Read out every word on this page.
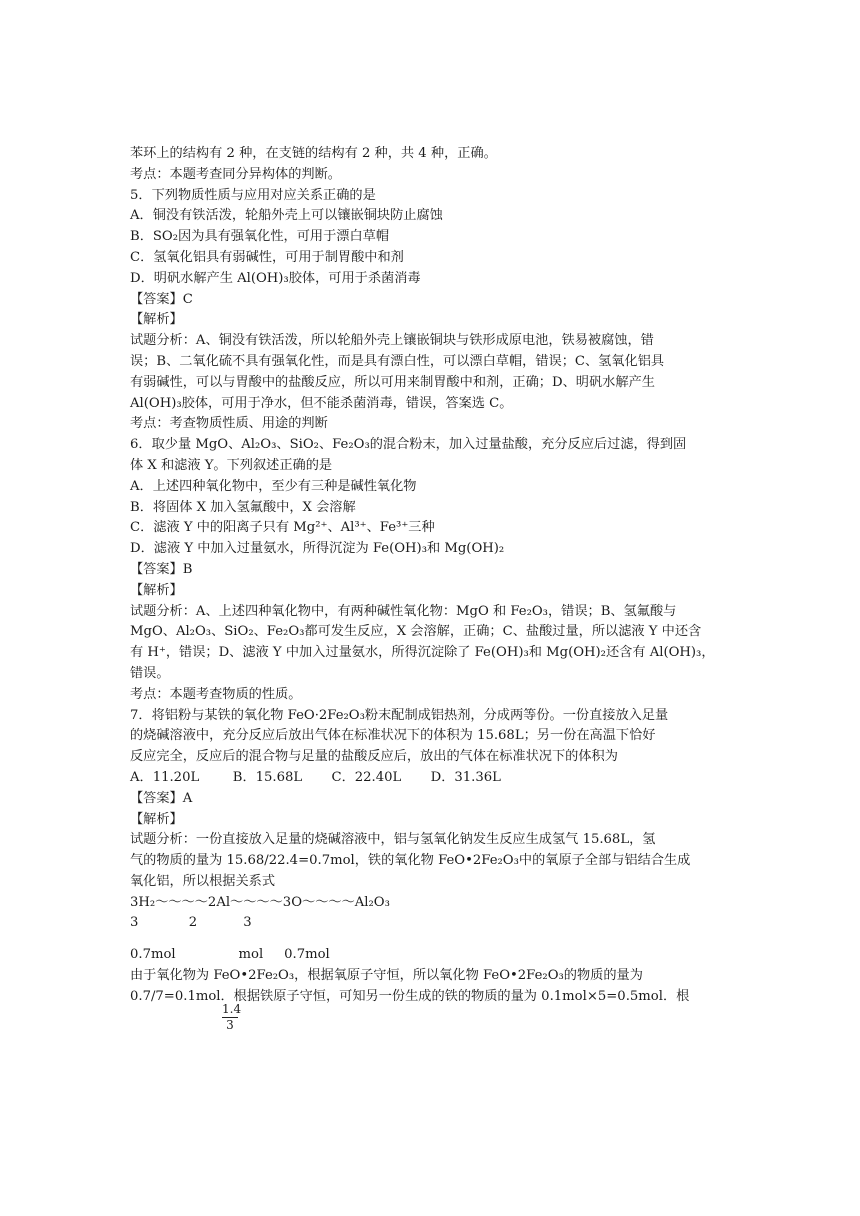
苯环上的结构有 2 种，在支链的结构有 2 种，共 4 种，正确。
考点：本题考查同分异构体的判断。
5．下列物质性质与应用对应关系正确的是
A．铜没有铁活泼，轮船外壳上可以镶嵌铜块防止腐蚀
B．SO₂因为具有强氧化性，可用于漂白草帽
C．氢氧化铝具有弱碱性，可用于制胃酸中和剂
D．明矾水解产生 Al(OH)₃胶体，可用于杀菌消毒
【答案】C
【解析】
试题分析：A、铜没有铁活泼，所以轮船外壳上镶嵌铜块与铁形成原电池，铁易被腐蚀，错
误；B、二氧化硫不具有强氧化性，而是具有漂白性，可以漂白草帽，错误；C、氢氧化铝具
有弱碱性，可以与胃酸中的盐酸反应，所以可用来制胃酸中和剂，正确；D、明矾水解产生
Al(OH)₃胶体，可用于净水，但不能杀菌消毒，错误，答案选 C。
考点：考查物质性质、用途的判断
6．取少量 MgO、Al₂O₃、SiO₂、Fe₂O₃的混合粉末，加入过量盐酸，充分反应后过滤，得到固
体 X 和滤液 Y。下列叙述正确的是
A．上述四种氧化物中，至少有三种是碱性氧化物
B．将固体 X 加入氢氟酸中，X 会溶解
C．滤液 Y 中的阳离子只有 Mg²⁺、Al³⁺、Fe³⁺三种
D．滤液 Y 中加入过量氨水，所得沉淀为 Fe(OH)₃和 Mg(OH)₂
【答案】B
【解析】
试题分析：A、上述四种氧化物中，有两种碱性氧化物：MgO 和 Fe₂O₃，错误；B、氢氟酸与
MgO、Al₂O₃、SiO₂、Fe₂O₃都可发生反应，X 会溶解，正确；C、盐酸过量，所以滤液 Y 中还含
有 H⁺，错误；D、滤液 Y 中加入过量氨水，所得沉淀除了 Fe(OH)₃和 Mg(OH)₂还含有 Al(OH)₃，
错误。
考点：本题考查物质的性质。
7．将铝粉与某铁的氧化物 FeO·2Fe₂O₃粉末配制成铝热剂，分成两等份。一份直接放入足量
的烧碱溶液中，充分反应后放出气体在标准状况下的体积为 15.68L；另一份在高温下恰好
反应完全，反应后的混合物与足量的盐酸反应后，放出的气体在标准状况下的体积为
A．11.20L        B．15.68L       C．22.40L       D．31.36L
【答案】A
【解析】
试题分析：一份直接放入足量的烧碱溶液中，铝与氢氧化钠发生反应生成氢气 15.68L，氢
气的物质的量为 15.68/22.4=0.7mol，铁的氧化物 FeO•2Fe₂O₃中的氧原子全部与铝结合生成
氧化铝，所以根据关系式
3H₂～～～～2Al～～～～3O～～～～Al₂O₃
3            2           3
0.7mol               mol     0.7mol
由于氧化物为 FeO•2Fe₂O₃，根据氧原子守恒，所以氧化物 FeO•2Fe₂O₃的物质的量为
0.7/7=0.1mol．根据铁原子守恒，可知另一份生成的铁的物质的量为 0.1mol×5=0.5mol．根
1.4
3
